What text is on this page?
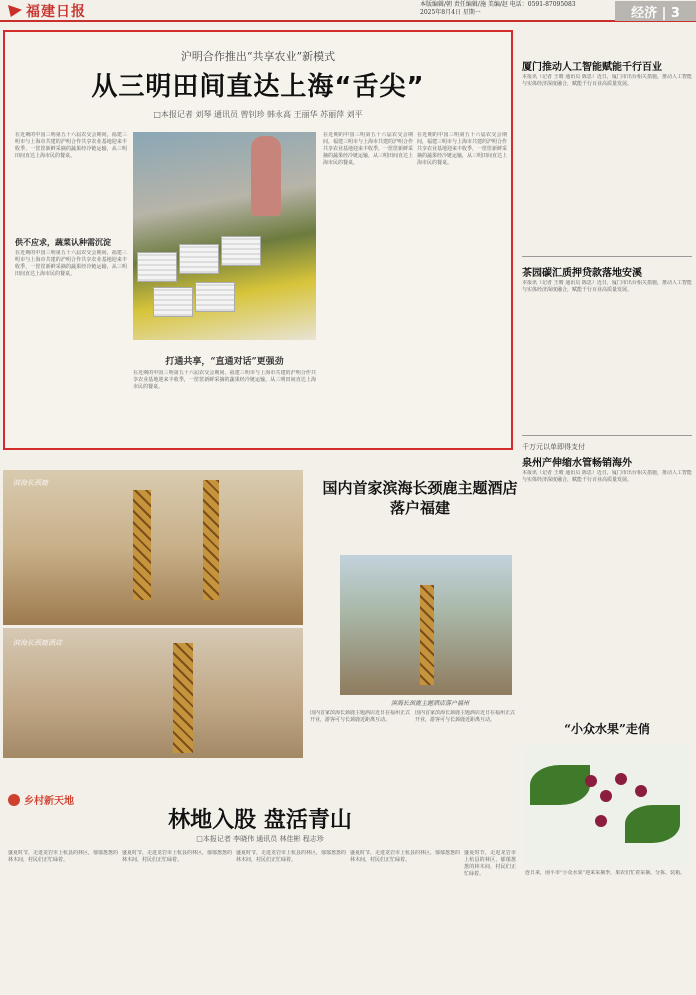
福建日报	本版编辑/朝 责任编辑/施 美编/赵 电话：0591-87095083
2025年8月4日 星期一	经济 | 3
沪明合作推出“共享农业”新模式
从三明田间直达上海“舌尖”
□本报记者 刘琴 通讯员 曾钊珍 韩永高 王丽华 苏丽萍 刘平
在近期的中国三明第五十六届农交会期间，福建三明市与上海市共建的沪明合作共享农业基地迎来丰收季，一筐筐新鲜采摘的蔬果经冷链运输，从三明田间直达上海市民的餐桌。
供不应求，蔬菜认种需沉淀
在近期的中国三明第五十六届农交会期间，福建三明市与上海市共建的沪明合作共享农业基地迎来丰收季，一筐筐新鲜采摘的蔬果经冷链运输，从三明田间直达上海市民的餐桌。
打通共享，“直通对话”更强劲
在近期的中国三明第五十六届农交会期间，福建三明市与上海市共建的沪明合作共享农业基地迎来丰收季，一筐筐新鲜采摘的蔬果经冷链运输，从三明田间直达上海市民的餐桌。
在近期的中国三明第五十六届农交会期间，福建三明市与上海市共建的沪明合作共享农业基地迎来丰收季，一筐筐新鲜采摘的蔬果经冷链运输，从三明田间直达上海市民的餐桌。
在近期的中国三明第五十六届农交会期间，福建三明市与上海市共建的沪明合作共享农业基地迎来丰收季，一筐筐新鲜采摘的蔬果经冷链运输，从三明田间直达上海市民的餐桌。
厦门推动人工智能赋能千行百业
本报讯（记者 王晴 通讯员 陈思）近日，厦门市出台相关措施，推动人工智能与实体经济深度融合，赋能千行百业高质量发展。
茶园碳汇质押贷款落地安溪
本报讯（记者 王晴 通讯员 陈思）近日，厦门市出台相关措施，推动人工智能与实体经济深度融合，赋能千行百业高质量发展。
千万元以单即得支付
泉州产伸缩水管畅销海外
本报讯（记者 王晴 通讯员 陈思）近日，厦门市出台相关措施，推动人工智能与实体经济深度融合，赋能千行百业高质量发展。
滨海长颈鹿
滨海长颈鹿酒店
国内首家滨海长颈鹿主题酒店落户福建
滨海长颈鹿主题酒店落户福州
国内首家滨海长颈鹿主题酒店近日在福州正式开业，游客可与长颈鹿近距离互动。
国内首家滨海长颈鹿主题酒店近日在福州正式开业，游客可与长颈鹿近距离互动。
乡村新天地
林地入股 盘活青山
□本报记者 李晓伟 通讯员 林佳彬 程志珍
盛夏时节，走进龙岩市上杭县的林区，郁郁葱葱的林木间，村民们正忙碌着。
盛夏时节，走进龙岩市上杭县的林区，郁郁葱葱的林木间，村民们正忙碌着。
盛夏时节，走进龙岩市上杭县的林区，郁郁葱葱的林木间，村民们正忙碌着。
盛夏时节，走进龙岩市上杭县的林区，郁郁葱葱的林木间，村民们正忙碌着。
盛夏时节，走进龙岩市上杭县的林区，郁郁葱葱的林木间，村民们正忙碌着。
“小众水果”走俏
连日来，南平市“小众水果”迎来采摘季，果农们忙着采摘、分拣、装箱。
